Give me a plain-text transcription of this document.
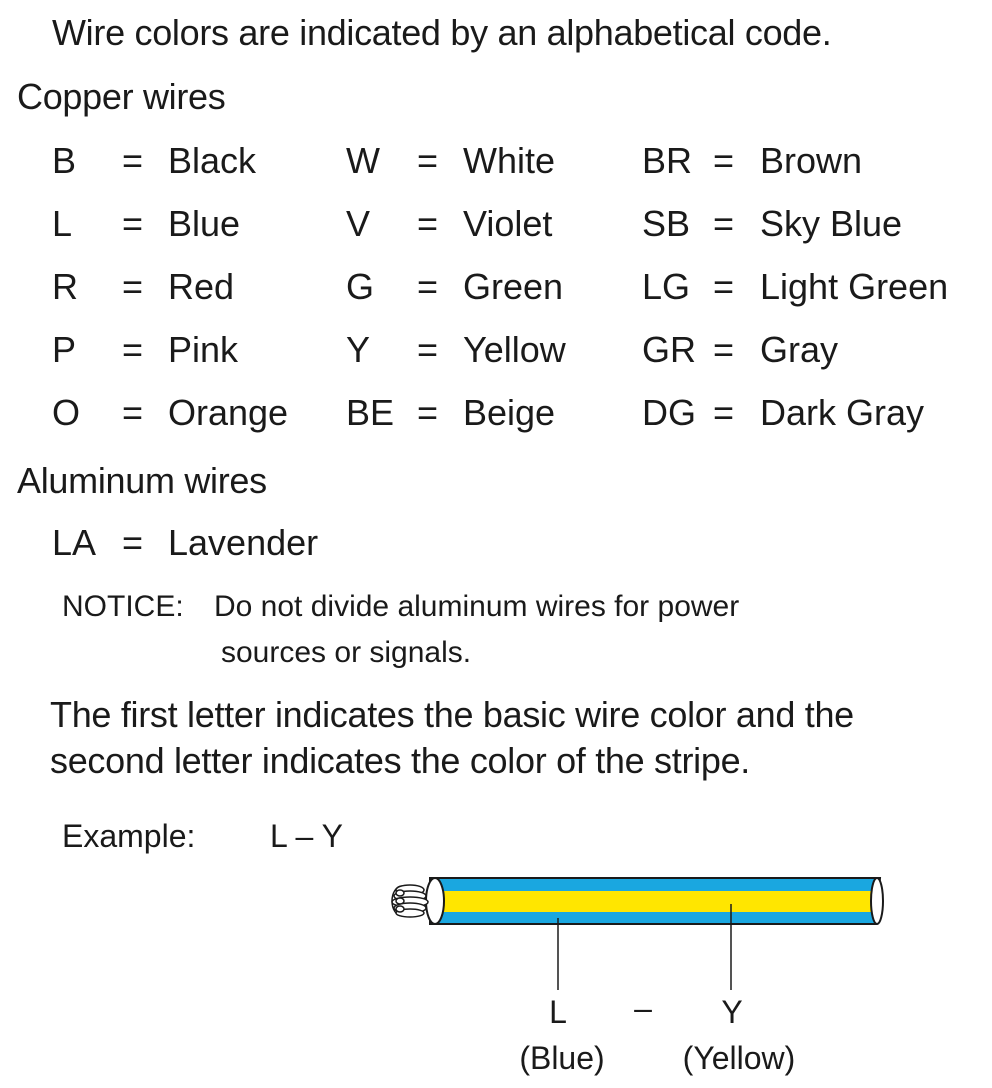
Wire colors are indicated by an alphabetical code.
Copper wires
B = Black W = White BR = Brown
L = Blue	V = Violet SB = Sky Blue
R = Red	G = Green LG = Light Green
P = Pink	Y = Yellow GR = Gray
O = Orange BE = Beige DG = Dark Gray
Aluminum wires
LA = Lavender
NOTICE: Do not divide aluminum wires for power
sources or signals.
The first letter indicates the basic wire color and the
second letter indicates the color of the stripe.
Example: L – Y
L – Y
(Blue)	(Yellow)
